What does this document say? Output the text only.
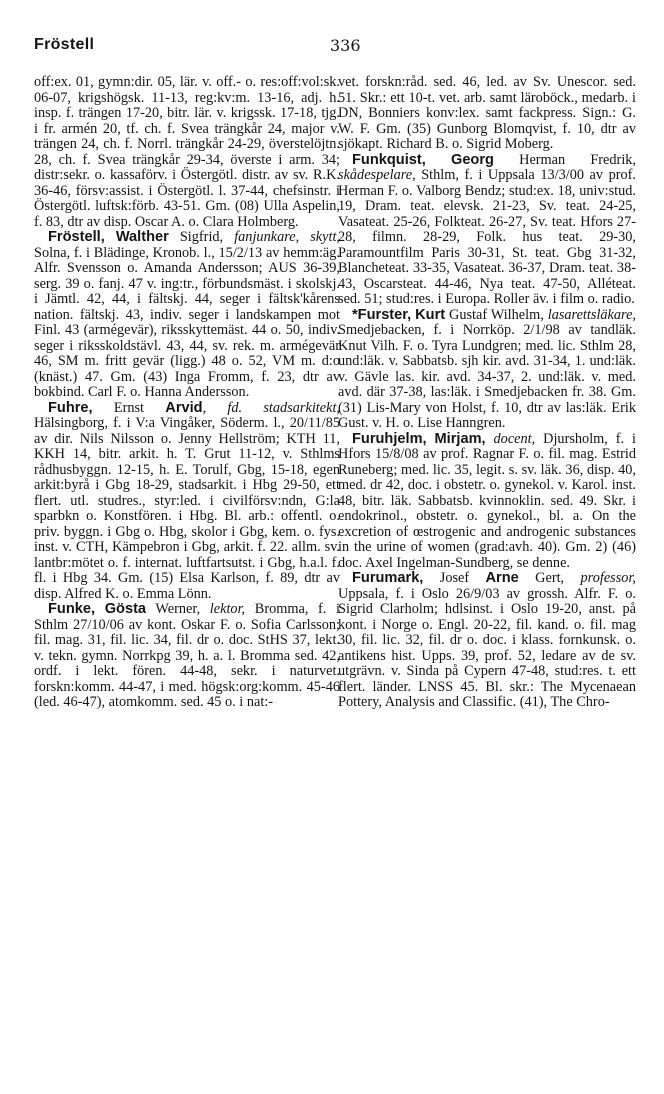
Fröstell	336

off:ex. 01, gymn:dir. 05, lär. v. off.- o. res:off:vol:sk. 06-07, krigshögsk. 11-13, reg:kv:m. 13-16, adj. h. insp. f. trängen 17-20, bitr. lär. v. krigssk. 17-18, tjg. i fr. armén 20, tf. ch. f. Svea trängkår 24, major v. trängen 24, ch. f. Norrl. trängkår 24-29, överstelöjtn. 28, ch. f. Svea trängkår 29-34, överste i arm. 34; distr:sekr. o. kassaförv. i Östergötl. distr. av sv. R.K. 36-46, försv:assist. i Östergötl. l. 37-44, chefsinstr. i Östergötl. luftsk:förb. 43-51. Gm. (08) Ulla Aspelin, f. 83, dtr av disp. Oscar A. o. Clara Holmberg.

Fröstell, Walther Sigfrid, fanjunkare, skytt, Solna, f. i Blädinge, Kronob. l., 15/2/13 av hemm:äg. Alfr. Svensson o. Amanda Andersson; AUS 36-39, serg. 39 o. fanj. 47 v. ing:tr., förbundsmäst. i skolskj. i Jämtl. 42, 44, i fältskj. 44, seger i fältsk'kårens nation. fältskj. 43, indiv. seger i landskampen mot Finl. 43 (armégevär), riksskyttemäst. 44 o. 50, indiv. seger i riksskoldstävl. 43, 44, sv. rek. m. armégevär 46, SM m. fritt gevär (ligg.) 48 o. 52, VM m. d:o (knäst.) 47. Gm. (43) Inga Fromm, f. 23, dtr av bokbind. Carl F. o. Hanna Andersson.

Fuhre, Ernst Arvid, fd. stadsarkitekt, Hälsingborg, f. i V:a Vingåker, Söderm. l., 20/11/85 av dir. Nils Nilsson o. Jenny Hellström; KTH 11, KKH 14, bitr. arkit. h. T. Grut 11-12, v. Sthlms rådhusbyggn. 12-15, h. E. Torulf, Gbg, 15-18, egen arkit:byrå i Gbg 18-29, stadsarkit. i Hbg 29-50, ett flert. utl. studres., styr:led. i civilförsv:ndn, G:la sparbkn o. Konstfören. i Hbg. Bl. arb.: offentl. o. priv. byggn. i Gbg o. Hbg, skolor i Gbg, kem. o. fys. inst. v. CTH, Kämpebron i Gbg, arkit. f. 22. allm. sv. lantbr:mötet o. f. internat. luftfartsutst. i Gbg, h.a.l. f. fl. i Hbg 34. Gm. (15) Elsa Karlson, f. 89, dtr av disp. Alfred K. o. Emma Lönn.

Funke, Gösta Werner, lektor, Bromma, f. i Sthlm 27/10/06 av kont. Oskar F. o. Sofia Carlsson; fil. mag. 31, fil. lic. 34, fil. dr o. doc. StHS 37, lekt. v. tekn. gymn. Norrkpg 39, h. a. l. Bromma sed. 42, ordf. i lekt. fören. 44-48, sekr. i naturvet. forskn:komm. 44-47, i med. högsk:org:komm. 45-46 (led. 46-47), atomkomm. sed. 45 o. i nat:-

vet. forskn:råd. sed. 46, led. av Sv. Unescor. sed. 51. Skr.: ett 10-t. vet. arb. samt läroböck., medarb. i DN, Bonniers konv:lex. samt fackpress. Sign.: G. W. F. Gm. (35) Gunborg Blomqvist, f. 10, dtr av sjökapt. Richard B. o. Sigrid Moberg.

Funkquist, Georg Herman Fredrik, skådespelare, Sthlm, f. i Uppsala 13/3/00 av prof. Herman F. o. Valborg Bendz; stud:ex. 18, univ:stud. 19, Dram. teat. elevsk. 21-23, Sv. teat. 24-25, Vasateat. 25-26, Folkteat. 26-27, Sv. teat. Hfors 27-28, filmn. 28-29, Folk. hus teat. 29-30, Paramountfilm Paris 30-31, St. teat. Gbg 31-32, Blancheteat. 33-35, Vasateat. 36-37, Dram. teat. 38-43, Oscarsteat. 44-46, Nya teat. 47-50, Alléteat. sed. 51; stud:res. i Europa. Roller äv. i film o. radio.

*Furster, Kurt Gustaf Wilhelm, lasarettsläkare, Smedjebacken, f. i Norrköp. 2/1/98 av tandläk. Knut Vilh. F. o. Tyra Lundgren; med. lic. Sthlm 28, und:läk. v. Sabbatsb. sjh kir. avd. 31-34, 1. und:läk. v. Gävle las. kir. avd. 34-37, 2. und:läk. v. med. avd. där 37-38, las:läk. i Smedjebacken fr. 38. Gm. (31) Lis-Mary von Holst, f. 10, dtr av las:läk. Erik Gust. v. H. o. Lise Hanngren.

Furuhjelm, Mirjam, docent, Djursholm, f. i Hfors 15/8/08 av prof. Ragnar F. o. fil. mag. Estrid Runeberg; med. lic. 35, legit. s. sv. läk. 36, disp. 40, med. dr 42, doc. i obstetr. o. gynekol. v. Karol. inst. 48, bitr. läk. Sabbatsb. kvinnoklin. sed. 49. Skr. i endokrinol., obstetr. o. gynekol., bl. a. On the excretion of œstrogenic and androgenic substances in the urine of women (grad:avh. 40). Gm. 2) (46) doc. Axel Ingelman-Sundberg, se denne.

Furumark, Josef Arne Gert, professor, Uppsala, f. i Oslo 26/9/03 av grossh. Alfr. F. o. Sigrid Clarholm; hdlsinst. i Oslo 19-20, anst. på kont. i Norge o. Engl. 20-22, fil. kand. o. fil. mag 30, fil. lic. 32, fil. dr o. doc. i klass. fornkunsk. o. antikens hist. Upps. 39, prof. 52, ledare av de sv. utgrävn. v. Sinda på Cypern 47-48, stud:res. t. ett flert. länder. LNSS 45. Bl. skr.: The Mycenaean Pottery, Analysis and Classific. (41), The Chro-
